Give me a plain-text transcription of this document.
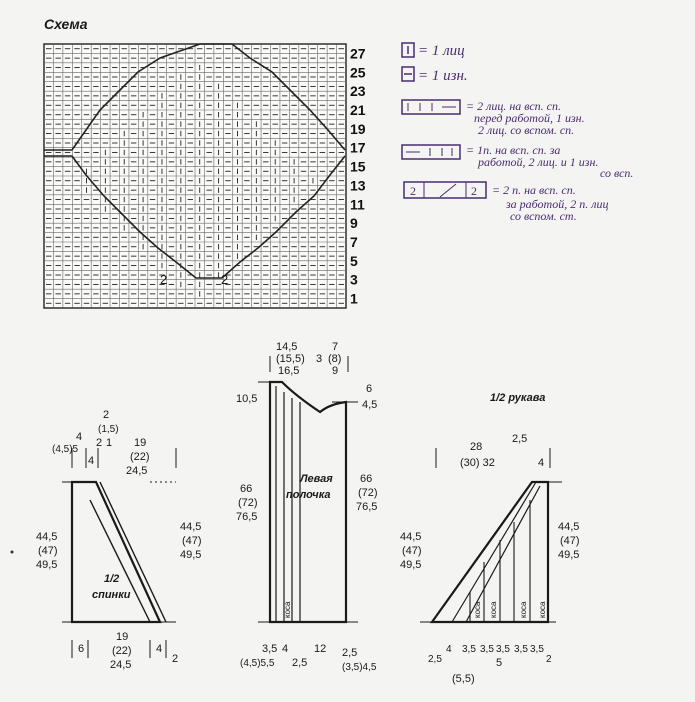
Схема
27
25
23
21
19
17
15
13
11
9
7
5
3
1
2	2
= 1 лиц
= 1 изн.
= 2 лиц. на всп. сп.
перед работой, 1 изн.
2 лиц. со вспом. сп.
= 1п. на всп. сп. за
работой, 2 лиц. и 1 изн.
со всп.
2	2 = 2 п. на всп. сп.
за работой, 2 п. лиц
со вспом. ст.
4
(4,5)5
4
2
(1,5)
2 1 19
(22)
24,5
44,5
(47)
49,5
44,5
(47)
49,5
1/2
спинки
6
19
(22)
24,5
4
2
14,5
(15,5)
16,5
3
7
(8)
9
10,5
6
4,5
66
(72)
76,5
66
(72)
76,5
Левая
полочка
коса
3,5
(4,5)5,5
4
2,5
12 2,5
(3,5)4,5
1/2 рукава
28
(30) 32
2,5
4
44,5
(47)
49,5
44,5
(47)
49,5
коса коса	коса коса
2,5
4 3,5 3,5 3,5 3,5 3,5
2
(5,5)
5
